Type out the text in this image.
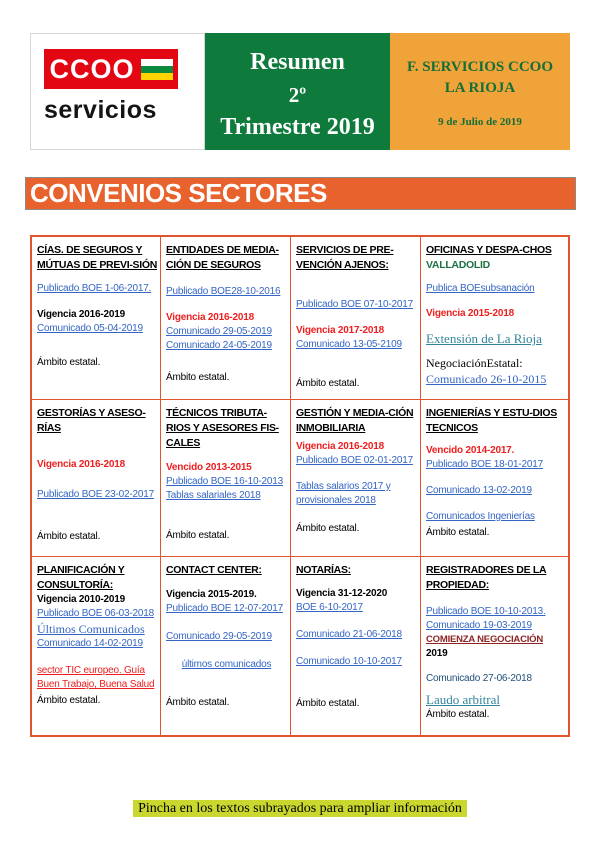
CCOO
servicios
Resumen
2º
Trimestre 2019
F. SERVICIOS CCOO
LA RIOJA
9 de Julio de 2019
CONVENIOS SECTORES
CÍAS. DE SEGUROS Y MÚTUAS DE PREVI-SIÓN
Publicado BOE 1-06-2017.
Vigencia 2016-2019
Comunicado 05-04-2019
Ámbito estatal.
ENTIDADES DE MEDIA-CIÓN DE SEGUROS
Publicado BOE28-10-2016
Vigencia 2016-2018
Comunicado 29-05-2019
Comunicado 24-05-2019
Ámbito estatal.
SERVICIOS DE PRE-VENCIÓN AJENOS:
Publicado BOE 07-10-2017
Vigencia 2017-2018
Comunicado 13-05-2109
Ámbito estatal.
OFICINAS Y DESPA-CHOS VALLADOLID
Publica BOEsubsanación
Vigencia 2015-2018
Extensión de La Rioja
NegociaciónEstatal:
Comunicado 26-10-2015
GESTORÍAS Y ASESO-RÍAS
Vigencia 2016-2018
Publicado BOE 23-02-2017
Ámbito estatal.
TÉCNICOS TRIBUTA-RIOS Y ASESORES FIS-CALES
Vencido 2013-2015
Publicado BOE 16-10-2013
Tablas salariales 2018
Ámbito estatal.
GESTIÓN Y MEDIA-CIÓN INMOBILIARIA
Vigencia 2016-2018
Publicado BOE 02-01-2017
Tablas salarios 2017 y provisionales 2018
Ámbito estatal.
INGENIERÍAS Y ESTU-DIOS TECNICOS
Vencido 2014-2017.
Publicado BOE 18-01-2017
Comunicado 13-02-2019
Comunicados Ingenierías
Ámbito estatal.
PLANIFICACIÓN Y CONSULTORÍA:
Vigencia 2010-2019
Publicado BOE 06-03-2018
Últimos Comunicados
Comunicado 14-02-2019
sector TIC europeo. Guía Buen Trabajo, Buena Salud
Ámbito estatal.
CONTACT CENTER:
Vigencia 2015-2019.
Publicado BOE 12-07-2017
Comunicado 29-05-2019
últimos comunicados
Ámbito estatal.
NOTARÍAS:
Vigencia 31-12-2020
BOE 6-10-2017
Comunicado 21-06-2018
Comunicado 10-10-2017
Ámbito estatal.
REGISTRADORES DE LA PROPIEDAD:
Publicado BOE 10-10-2013.
Comunicado 19-03-2019
COMIENZA NEGOCIACIÓN 2019
Comunicado 27-06-2018
Laudo arbitral
Ámbito estatal.
Pincha en los textos subrayados para ampliar información
